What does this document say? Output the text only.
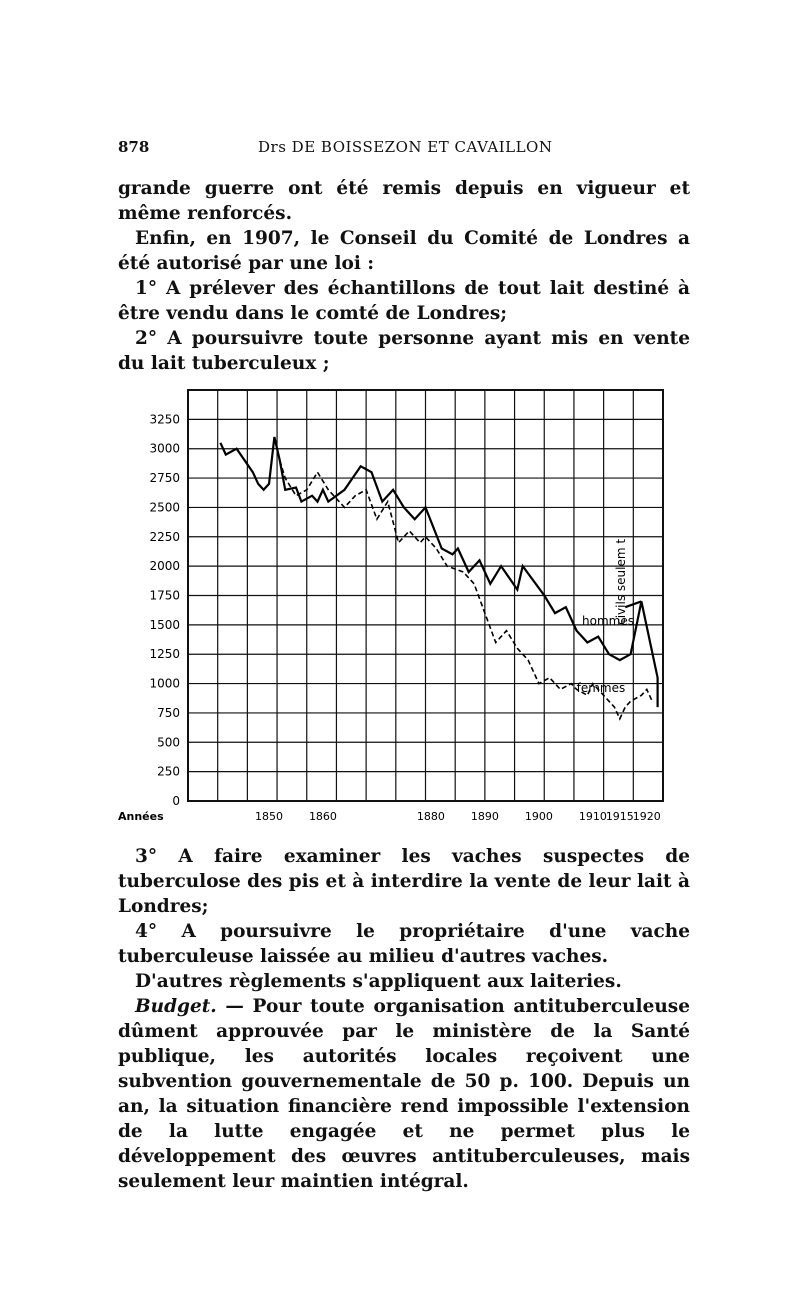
878	Drs DE BOISSEZON ET CAVAILLON

grande guerre ont été remis depuis en vigueur et même renforcés.

Enfin, en 1907, le Conseil du Comité de Londres a été autorisé par une loi :

1° A prélever des échantillons de tout lait destiné à être vendu dans le comté de Londres;

2° A poursuivre toute personne ayant mis en vente du lait tuberculeux ;

0
250
500
750
1000
1250
1500
1750
2000
2250
2500
2750
3000
3250
Années	1850 1860	1880 1890 1900 1910
1915
1920
hommes
femmes
civils seulem t

3° A faire examiner les vaches suspectes de tuberculose des pis et à interdire la vente de leur lait à Londres;

4° A poursuivre le propriétaire d'une vache tuberculeuse laissée au milieu d'autres vaches.

D'autres règlements s'appliquent aux laiteries.

Budget. — Pour toute organisation antituberculeuse dûment approuvée par le ministère de la Santé publique, les autorités locales reçoivent une subvention gouvernementale de 50 p. 100. Depuis un an, la situation financière rend impossible l'extension de la lutte engagée et ne permet plus le développement des œuvres antituberculeuses, mais seulement leur maintien intégral.
